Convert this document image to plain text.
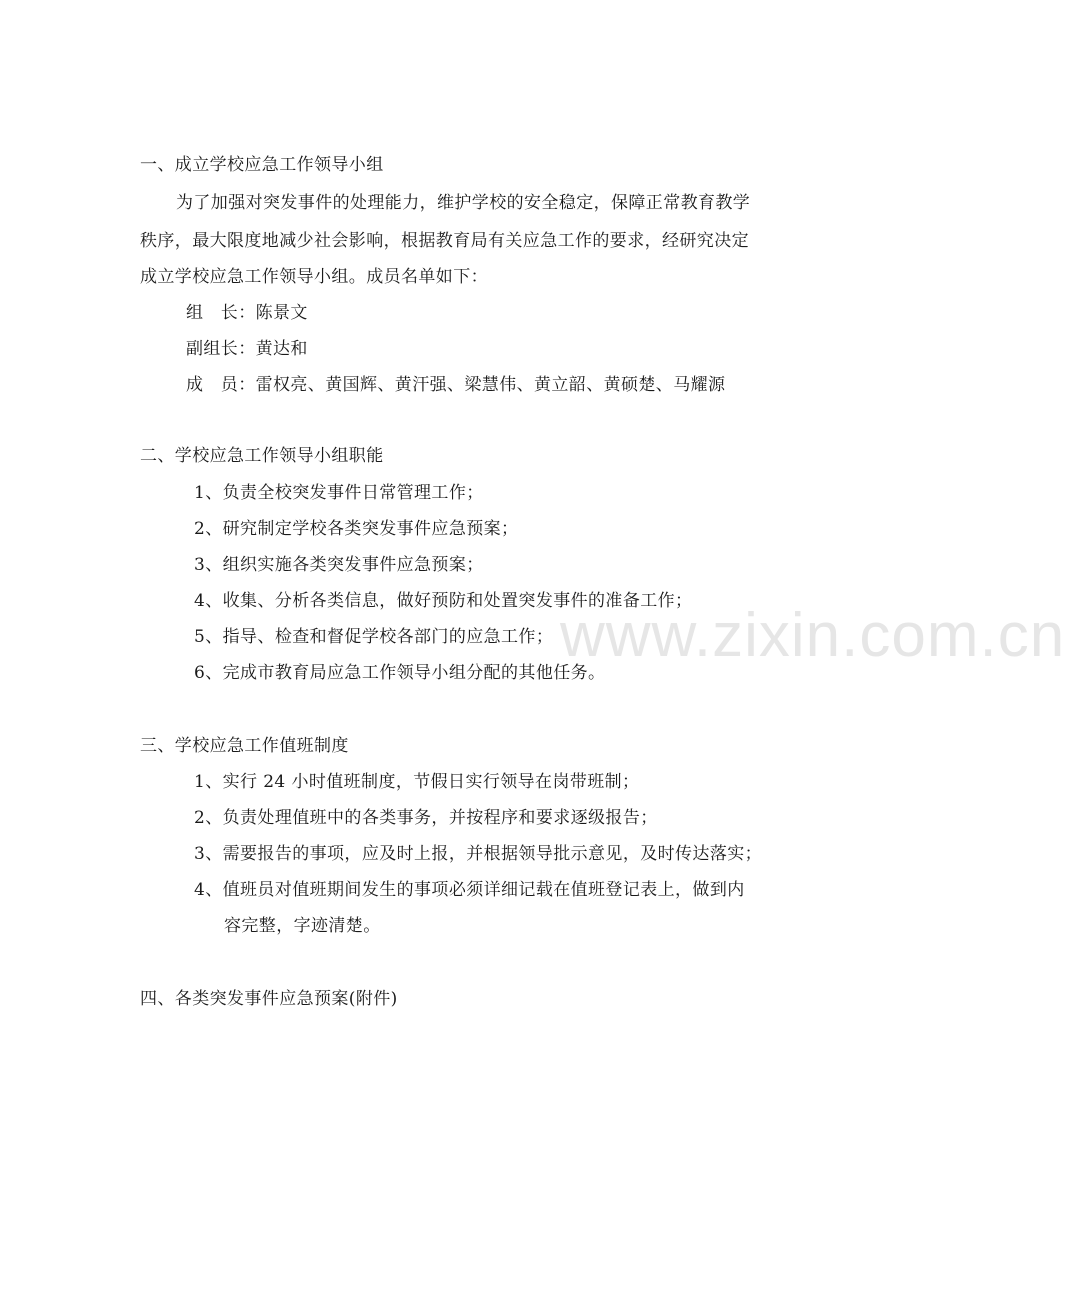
www.zixin.com.cn
一、成立学校应急工作领导小组
为了加强对突发事件的处理能力，维护学校的安全稳定，保障正常教育教学
秩序，最大限度地减少社会影响，根据教育局有关应急工作的要求，经研究决定
成立学校应急工作领导小组。成员名单如下：
组　长：陈景文
副组长：黄达和
成　员：雷权亮、黄国辉、黄汗强、梁慧伟、黄立韶、黄硕楚、马耀源
二、学校应急工作领导小组职能
1、负责全校突发事件日常管理工作；
2、研究制定学校各类突发事件应急预案；
3、组织实施各类突发事件应急预案；
4、收集、分析各类信息，做好预防和处置突发事件的准备工作；
5、指导、检查和督促学校各部门的应急工作；
6、完成市教育局应急工作领导小组分配的其他任务。
三、学校应急工作值班制度
1、实行 24 小时值班制度，节假日实行领导在岗带班制；
2、负责处理值班中的各类事务，并按程序和要求逐级报告；
3、需要报告的事项，应及时上报，并根据领导批示意见，及时传达落实；
4、值班员对值班期间发生的事项必须详细记载在值班登记表上，做到内
容完整，字迹清楚。
四、各类突发事件应急预案(附件)
